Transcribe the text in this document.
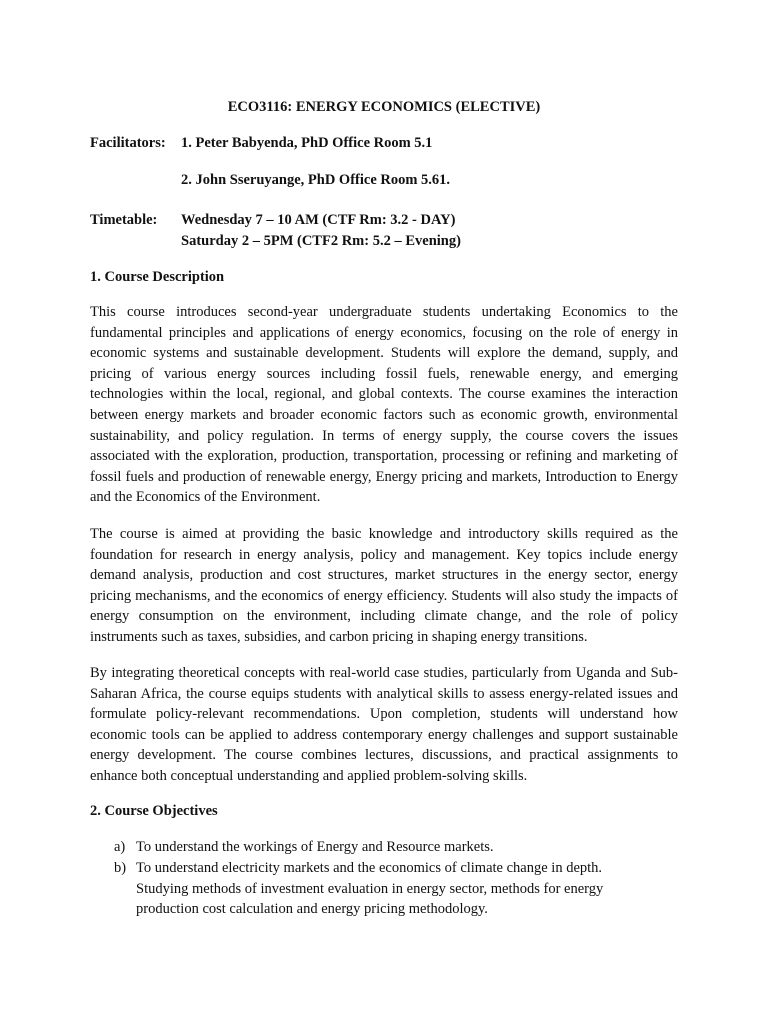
ECO3116: ENERGY ECONOMICS (ELECTIVE)
Facilitators: 1. Peter Babyenda, PhD Office Room 5.1
2. John Sseruyange, PhD Office Room 5.61.
Timetable: Wednesday 7 – 10 AM (CTF Rm: 3.2 - DAY)
Saturday 2 – 5PM (CTF2 Rm: 5.2 – Evening)
1. Course Description
This course introduces second-year undergraduate students undertaking Economics to the fundamental principles and applications of energy economics, focusing on the role of energy in economic systems and sustainable development. Students will explore the demand, supply, and pricing of various energy sources including fossil fuels, renewable energy, and emerging technologies within the local, regional, and global contexts. The course examines the interaction between energy markets and broader economic factors such as economic growth, environmental sustainability, and policy regulation. In terms of energy supply, the course covers the issues associated with the exploration, production, transportation, processing or refining and marketing of fossil fuels and production of renewable energy, Energy pricing and markets, Introduction to Energy and the Economics of the Environment.
The course is aimed at providing the basic knowledge and introductory skills required as the foundation for research in energy analysis, policy and management. Key topics include energy demand analysis, production and cost structures, market structures in the energy sector, energy pricing mechanisms, and the economics of energy efficiency. Students will also study the impacts of energy consumption on the environment, including climate change, and the role of policy instruments such as taxes, subsidies, and carbon pricing in shaping energy transitions.
By integrating theoretical concepts with real-world case studies, particularly from Uganda and Sub-Saharan Africa, the course equips students with analytical skills to assess energy-related issues and formulate policy-relevant recommendations. Upon completion, students will understand how economic tools can be applied to address contemporary energy challenges and support sustainable energy development. The course combines lectures, discussions, and practical assignments to enhance both conceptual understanding and applied problem-solving skills.
2. Course Objectives
a) To understand the workings of Energy and Resource markets.
b) To understand electricity markets and the economics of climate change in depth. Studying methods of investment evaluation in energy sector, methods for energy production cost calculation and energy pricing methodology.
